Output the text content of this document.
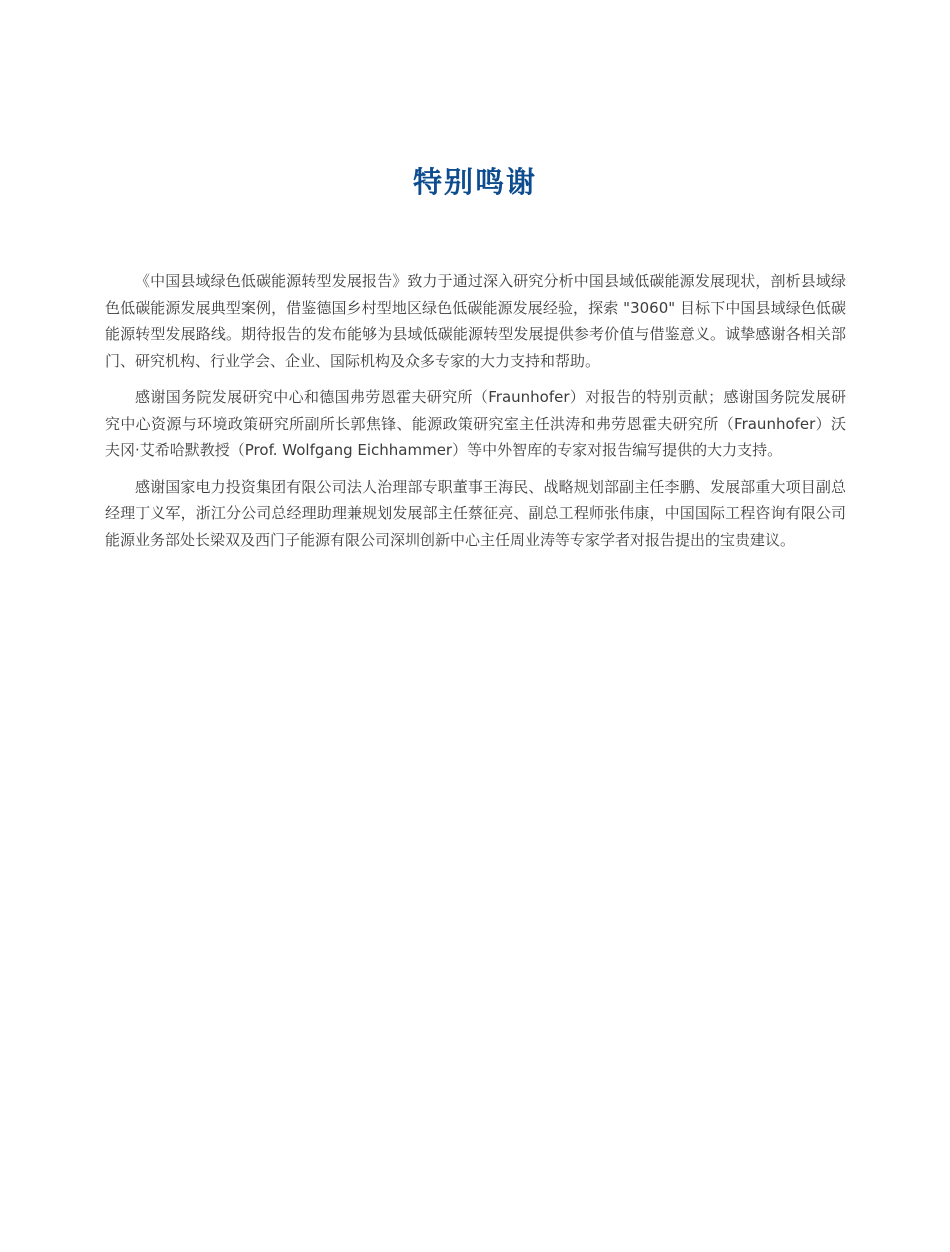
特别鸣谢

《中国县域绿色低碳能源转型发展报告》致力于通过深入研究分析中国县域低碳能源发展现状，剖析县域绿色低碳能源发展典型案例，借鉴德国乡村型地区绿色低碳能源发展经验，探索 "3060" 目标下中国县域绿色低碳能源转型发展路线。期待报告的发布能够为县域低碳能源转型发展提供参考价值与借鉴意义。诚挚感谢各相关部门、研究机构、行业学会、企业、国际机构及众多专家的大力支持和帮助。

感谢国务院发展研究中心和德国弗劳恩霍夫研究所（Fraunhofer）对报告的特别贡献；感谢国务院发展研究中心资源与环境政策研究所副所长郭焦锋、能源政策研究室主任洪涛和弗劳恩霍夫研究所（Fraunhofer）沃夫冈·艾希哈默教授（Prof. Wolfgang Eichhammer）等中外智库的专家对报告编写提供的大力支持。

感谢国家电力投资集团有限公司法人治理部专职董事王海民、战略规划部副主任李鹏、发展部重大项目副总经理丁义军，浙江分公司总经理助理兼规划发展部主任蔡征亮、副总工程师张伟康，中国国际工程咨询有限公司能源业务部处长梁双及西门子能源有限公司深圳创新中心主任周业涛等专家学者对报告提出的宝贵建议。
